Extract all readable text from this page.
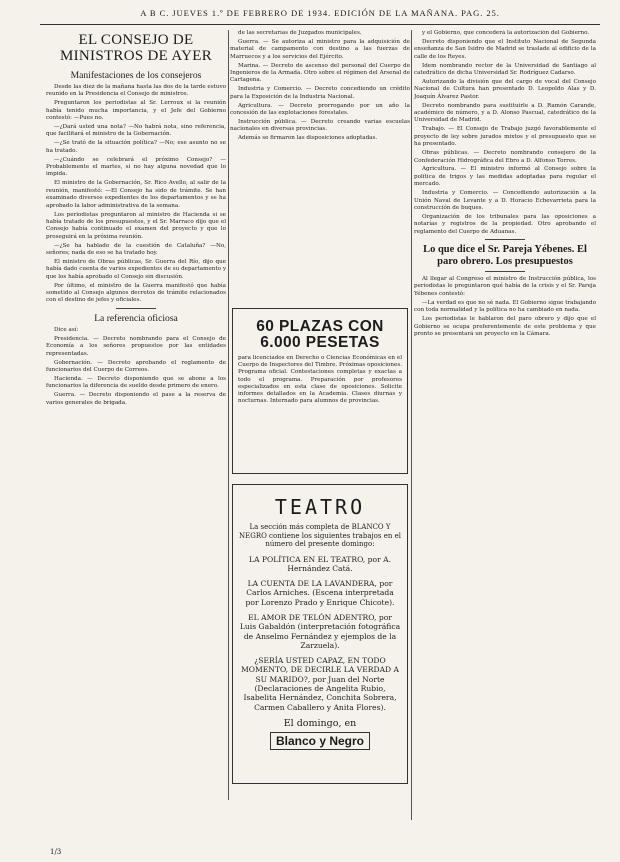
A B C. JUEVES 1.º DE FEBRERO DE 1934. EDICIÓN DE LA MAÑANA. PAG. 25.
EL CONSEJO DE MINISTROS DE AYER
Manifestaciones de los consejeros

Desde las diez de la mañana hasta las dos de la tarde estuvo reunido en la Presidencia el Consejo de ministros.

Preguntaron los periodistas al Sr. Lerroux si la reunión había tenido mucha importancia, y el Jefe del Gobierno contestó: —Pues no.

—¿Dará usted una nota? —No habrá nota, sino referencia, que facilitará el ministro de la Gobernación.

—¿Se trató de la situación política? —No; ese asunto no se ha tratado.

—¿Cuándo se celebrará el próximo Consejo? —Probablemente el martes, si no hay alguna novedad que lo impida.

El ministro de la Gobernación, Sr. Rico Avello, al salir de la reunión, manifestó: —El Consejo ha sido de trámite. Se han examinado diversos expedientes de los departamentos y se ha aprobado la labor administrativa de la semana.

Los periodistas preguntaron al ministro de Hacienda si se había tratado de los presupuestos, y el Sr. Marraco dijo que el Consejo había continuado el examen del proyecto y que lo proseguirá en la próxima reunión.

—¿Se ha hablado de la cuestión de Cataluña? —No, señores; nada de eso se ha tratado hoy.

El ministro de Obras públicas, Sr. Guerra del Río, dijo que había dado cuenta de varios expedientes de su departamento y que los había aprobado el Consejo sin discusión.

Por último, el ministro de la Guerra manifestó que había sometido al Consejo algunos decretos de trámite relacionados con el destino de jefes y oficiales.

La referencia oficiosa

Dice así:

Presidencia. — Decreto nombrando para el Consejo de Economía a los señores propuestos por las entidades representadas.

Gobernación. — Decreto aprobando el reglamento de funcionarios del Cuerpo de Correos.

Hacienda. — Decreto disponiendo que se abone a los funcionarios la diferencia de sueldo desde primero de enero.

Guerra. — Decreto disponiendo el pase a la reserva de varios generales de brigada.

de las secretarías de Juzgados municipales.

Guerra. — Se autoriza al ministro para la adquisición de material de campamento con destino a las fuerzas de Marruecos y a los servicios del Ejército.

Marina. — Decreto de ascenso del personal del Cuerpo de Ingenieros de la Armada. Otro sobre el régimen del Arsenal de Cartagena.

Industria y Comercio. — Decreto concediendo un crédito para la Exposición de la Industria Nacional.

Agricultura. — Decreto prorrogando por un año la concesión de las explotaciones forestales.

Instrucción pública. — Decreto creando varias escuelas nacionales en diversas provincias.

Además se firmaron las disposiciones adoptadas.

60 PLAZAS CON 6.000 PESETAS
para licenciados en Derecho o Ciencias Económicas en el Cuerpo de Inspectores del Timbre. Próximas oposiciones. Programa oficial. Contestaciones completas y exactas a todo el programa. Preparación por profesores especializados en esta clase de oposiciones. Solicite informes detallados en la Academia. Clases diurnas y nocturnas. Internado para alumnos de provincias.
TEATRO
La sección más completa de BLANCO Y NEGRO contiene los siguientes trabajos en el número del presente domingo:
LA POLÍTICA EN EL TEATRO, por A. Hernández Catá.
LA CUENTA DE LA LAVANDERA, por Carlos Arniches. (Escena interpretada por Lorenzo Prado y Enrique Chicote).
EL AMOR DE TELÓN ADENTRO, por Luis Gabaldón (interpretación fotográfica de Anselmo Fernández y ejemplos de la Zarzuela).
¿SERÍA USTED CAPAZ, EN TODO MOMENTO, DE DECIRLE LA VERDAD A SU MARIDO?, por Juan del Norte (Declaraciones de Angelita Rubio, Isabelita Hernández, Conchita Sobrera, Carmen Caballero y Anita Flores).
El domingo, en
Blanco y Negro

y el Gobierno, que concederá la autorización del Gobierno.

Decreto disponiendo que el Instituto Nacional de Segunda enseñanza de San Isidro de Madrid se traslade al edificio de la calle de los Reyes.

Idem nombrando rector de la Universidad de Santiago al catedrático de dicha Universidad Sr. Rodríguez Cadarso.

Autorizando la división que del cargo de vocal del Consejo Nacional de Cultura han presentado D. Leopoldo Alas y D. Joaquín Álvarez Pastor.

Decreto nombrando para sustituirle a D. Ramón Carande, académico de número, y a D. Alonso Pascual, catedrático de la Universidad de Madrid.

Trabajo. — El Consejo de Trabajo juzgó favorablemente el proyecto de ley sobre jurados mixtos y el presupuesto que se ha presentado.

Obras públicas. — Decreto nombrando consejero de la Confederación Hidrográfica del Ebro a D. Alfonso Torres.

Agricultura. — El ministro informó al Consejo sobre la política de trigos y las medidas adoptadas para regular el mercado.

Industria y Comercio. — Concediendo autorización a la Unión Naval de Levante y a D. Horacio Echevarrieta para la construcción de buques.

Organización de los tribunales para las oposiciones a notarías y registros de la propiedad. Otro aprobando el reglamento del Cuerpo de Aduanas.

Lo que dice el Sr. Pareja Yébenes. El paro obrero. Los presupuestos

Al llegar al Congreso el ministro de Instrucción pública, los periodistas le preguntaron qué había de la crisis y el Sr. Pareja Yébenes contestó:

—La verdad es que no sé nada. El Gobierno sigue trabajando con toda normalidad y la política no ha cambiado en nada.

Los periodistas le hablaron del paro obrero y dijo que el Gobierno se ocupa preferentemente de este problema y que pronto se presentará un proyecto en la Cámara.

1/3
